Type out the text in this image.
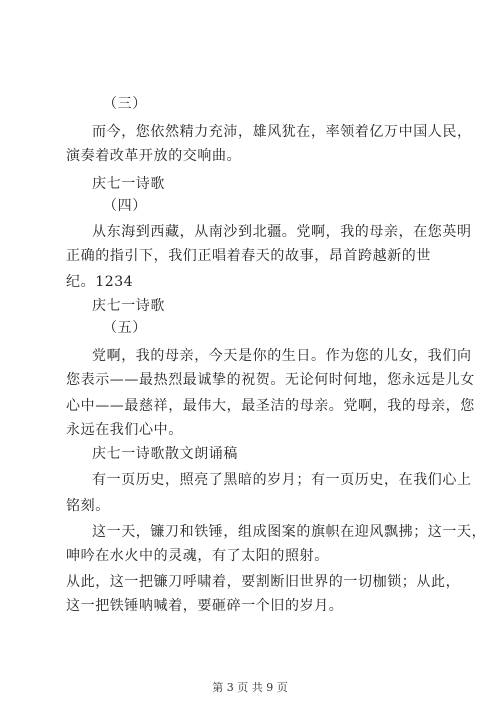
（三）
而今，您依然精力充沛，雄风犹在，率领着亿万中国人民，
演奏着改革开放的交响曲。
庆七一诗歌
（四）
从东海到西藏，从南沙到北疆。党啊，我的母亲，在您英明
正确的指引下，我们正唱着春天的故事，昂首跨越新的世
纪。1234
庆七一诗歌
（五）
党啊，我的母亲，今天是你的生日。作为您的儿女，我们向
您表示——最热烈最诚挚的祝贺。无论何时何地，您永远是儿女
心中——最慈祥，最伟大，最圣洁的母亲。党啊，我的母亲，您
永远在我们心中。
庆七一诗歌散文朗诵稿
有一页历史，照亮了黑暗的岁月；有一页历史，在我们心上
铭刻。
这一天，镰刀和铁锤，组成图案的旗帜在迎风飘拂；这一天，
呻吟在水火中的灵魂，有了太阳的照射。
从此，这一把镰刀呼啸着，要割断旧世界的一切枷锁；从此，
这一把铁锤呐喊着，要砸碎一个旧的岁月。
第 3 页 共 9 页
